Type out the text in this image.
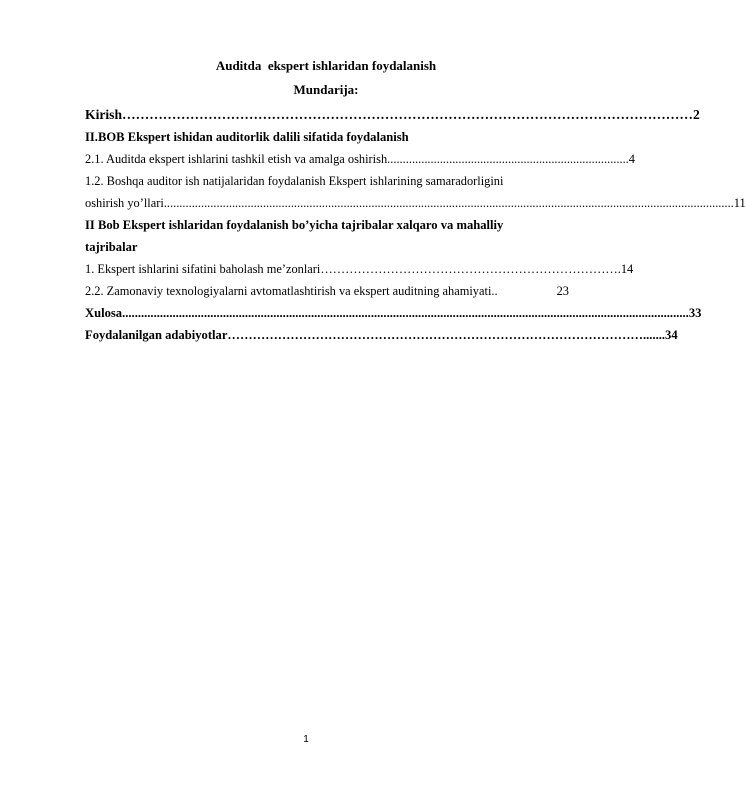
Auditda  ekspert ishlaridan foydalanish
Mundarija:
Kirish ……………………………………………………………………………………………………………… 2
II.BOB Ekspert ishidan auditorlik dalili sifatida foydalanish
2.1. Auditda ekspert ishlarini tashkil etish va amalga oshirish .............................................................................. 4
1.2. Boshqa auditor ish natijalaridan foydalanish Ekspert ishlarining samaradorligini
oshirish yo’llari ........................................................................................................................................................................................ 11
II Bob Ekspert ishlaridan foydalanish bo’yicha tajribalar xalqaro va mahalliy
tajribalar
1. Ekspert ishlarini sifatini baholash me’zonlari ………………………………………………………………. 14
2.2. Zamonaviy texnologiyalarni avtomatlashtirish va ekspert auditning ahamiyati ..	23
Xulosa .................................................................................................................................................................................... 33
Foydalanilgan adabiyotlar ………………………………………………………………………………………....... 34
1
